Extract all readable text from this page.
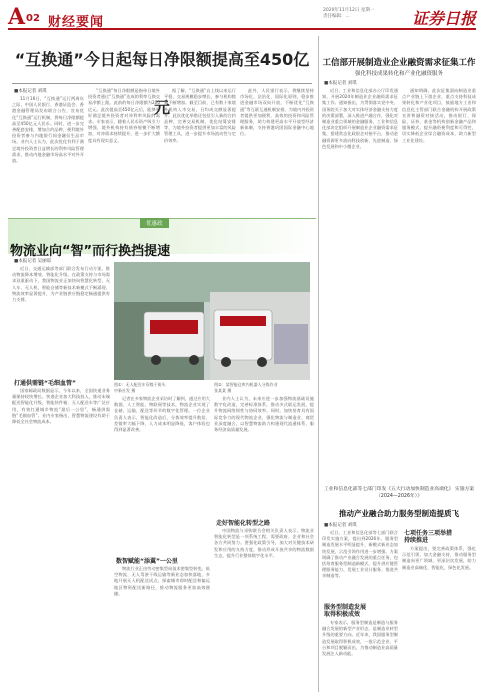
A 02 财经要闻
2020年11月12日 星期一
责任编辑：...	证券日报
“互换通”今日起每日净限额提高至450亿元
■本报记者 刘琪

11月16日，“互换通”运行两周年之际，中国人民银行、香港证监会、香港金融管理局发布联合公告，宣布优化“互换通”运行机制，将每日净限额提高至450亿元人民币。同时，进一步完善配套安排，增加合约品种，便利境外投资者参与内地银行间金融衍生品市场。业内人士认为，此次优化有利于满足境外投资者日益增长的利率风险管理需求，推动内地金融市场高水平对外开放。

“互换通”每日净限额是指单日境外投资者通过“互换通”达成的利率互换交易净额上限。此前的每日净限额为200亿元。此次提高至450亿元后，能够更好满足境外投资者对冲利率风险的需求。专家表示，随着人民币资产吸引力增强，境外机构持有债券规模不断增加，对冲需求持续提升，进一步扩大额度具有现实意义。

据了解，“互换通”自上线以来运行平稳，交易规模稳步增长，参与机构数量不断增加。截至目前，已有数十家境外机构入市交易，日均成交额显著提升。此次优化举措还包括引入新的合约品种、完善交易机制、优化结算安排等，为境外投资者提供更加丰富的风险管理工具，进一步提升市场流动性与定价效率。

此外，人民银行表示，将继续坚持市场化、法治化、国际化原则，稳步推进金融市场双向开放，不断优化“互换通”等互联互通机制安排，为境内外投资者提供更加便利、高效的投资和风险管理服务，助力构建更高水平开放型经济新体制，支持香港巩固国际金融中心地位。

工信部开展制造业企业融资需求征集工作
强化科技成果转化和产业化融资服务
■本报记者 刘琪

近日，工业和信息化部办公厅印发通知，开展2024年制造业企业融资需求征集工作。通知指出，为贯彻落实党中央、国务院关于加大对实体经济金融支持力度的决策部署，深入推进产融合作，强化对制造业重点领域的金融服务，工业和信息化部决定组织开展制造业企业融资需求征集，搭建常态化政银企对接平台，推动金融资源更多流向科技创新、先进制造、绿色发展和中小微企业。

通知明确，此次征集面向制造业重点产业链上下游企业，重点支持科技成果转化和产业化项目，鼓励地方工业和信息化主管部门联合金融机构开展政策宣讲和融资对接活动，推动银行、保险、证券、基金等机构创新金融产品和服务模式，提升融资便利度和可得性，切实降低企业综合融资成本，助力新型工业化建设。

优惠政
物流业向“智”而行换挡提速
■本报记者 吴丽琼

近日，交通运输部等部门联合发布行动方案，推动物流降本增效、智能化升级。在政策支持与市场需求双重驱动下，我国物流业正加快向智慧化转型，无人车、无人机、智能仓储等新技术新模式不断涌现，物流效率显著提升，为产业链供应链稳定畅通提供有力支撑。

打通供需链“毛细血管”

国家邮政局数据显示，今年以来，全国快递业务量保持较快增长。快递企业加大科技投入，推动末端配送智能化升级，智能快件箱、无人配送车等广泛应用，有效打通城乡物流“最后一公里”，畅通供需链“毛细血管”。业内专家指出，智慧物流建设有助于降低全社会物流成本。

图①：无人配送车穿梭于街头
中新社发 摄
图②：某智能仓库内机器人分拣作业
张某某 摄

记者在多家物流企业采访时了解到，通过应用大数据、人工智能、物联网等技术，物流企业实现了仓储、运输、配送等环节的数字化管理。一位企业负责人表示，智能化改造后，分拣效率提升数倍，差错率大幅下降，人力成本明显降低，客户体验也得到显著改善。

数智赋能“添翼”一公里

物流行业正由劳动密集型向技术密集型转变。低空物流、无人驾驶干线运输等新业态加快落地，多地开展无人机配送试点，探索城市即时配送和偏远地区物资配送新路径，推动物流服务更加高效便捷。

业内人士认为，未来应进一步加强物流基础设施数字化改造，完善标准体系，推动多式联运发展，提升物流网络韧性与协同效率。同时，加快培育具有国际竞争力的现代物流企业，强化物流与制造业、商贸业深度融合，以智慧物流助力构建现代流通体系，服务经济高质量发展。

走好智能化转型之路

中国物流与采购联合会相关负责人表示，物流业智能化转型是一项系统工程，需要政府、企业和社会各方共同努力。要强化政策引导，加大对关键技术研发和应用的支持力度，推动形成开放共享的物流数据生态，提升行业整体数字化水平。

工业和信息化部等七部门印发《五大行动加快制造业高端化》 实施方案（2024—2026年）》
推动产业融合助力服务型制造提质飞
■本报记者 刘琪

近日，工业和信息化部等七部门联合印发实施方案，提出到2026年，服务型制造发展水平明显提升，新模式新业态加快发展，示范引领作用进一步增强。方案明确了推动产业融合发展的重点任务，包括培育服务型制造新模式、提升供应链管理服务能力、发展工业设计服务、推进共享制造等。

服务型制造发展
取得积极成效

专家表示，服务型制造是制造与服务融合发展的新型产业形态，是制造业转型升级的重要方向。近年来，我国服务型制造发展取得积极成效，一批示范企业、平台和项目脱颖而出，为推动制造业高质量发展注入新动能。

七项任务三项举措
持续推进

方案提出，要完善政策体系，强化示范引领，加大金融支持，推动服务型制造向更广领域、更深层次发展，助力制造业高端化、智能化、绿色化发展。
